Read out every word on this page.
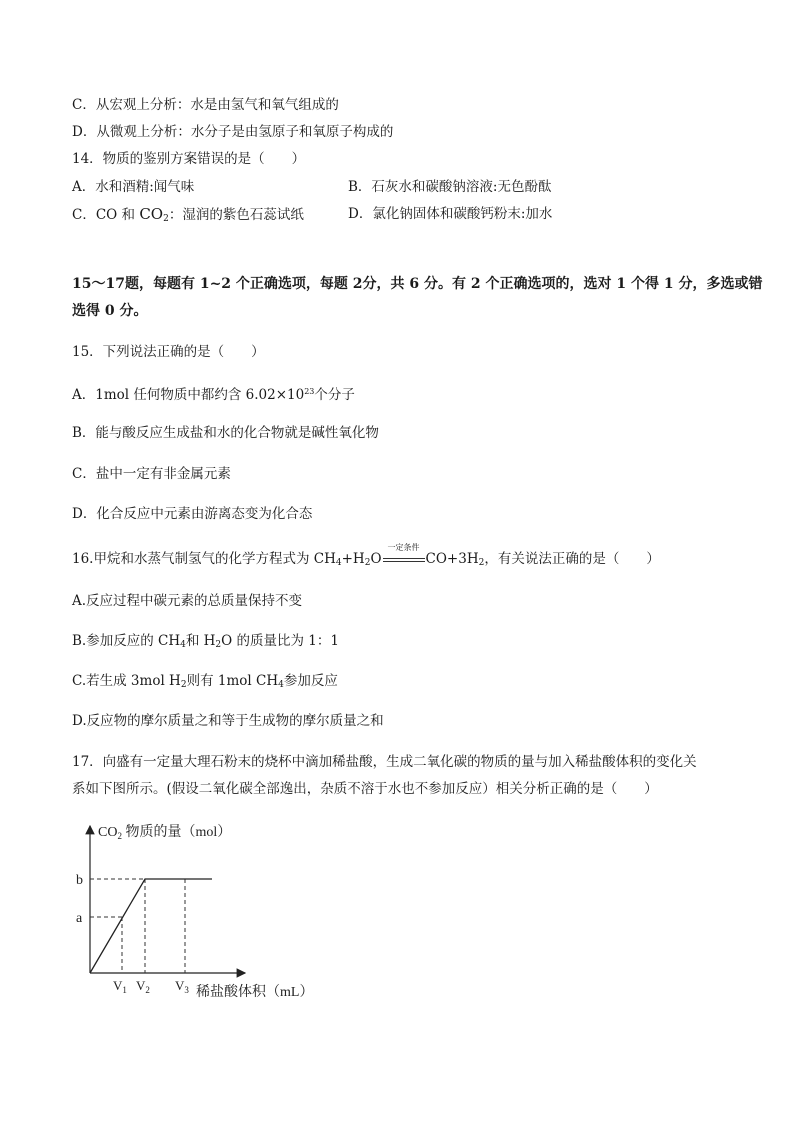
C．从宏观上分析：水是由氢气和氧气组成的
D．从微观上分析：水分子是由氢原子和氧原子构成的
14．物质的鉴别方案错误的是（　　）
A．水和酒精:闻气味	B．石灰水和碳酸钠溶液:无色酚酞
C．CO 和 $CO_2$：湿润的紫色石蕊试纸	D．氯化钠固体和碳酸钙粉末:加水
15～17题，每题有 1~2 个正确选项，每题 2分，共 6 分。有 2 个正确选项的，选对 1 个得 1 分，多选或错
选得 0 分。
15．下列说法正确的是（　　）
A．1mol 任何物质中都约含 $6.02\times 10^{23}$个分子
B．能与酸反应生成盐和水的化合物就是碱性氧化物
C．盐中一定有非金属元素
D．化合反应中元素由游离态变为化合态
16.甲烷和水蒸气制氢气的化学方程式为 $CH_4+H_2O$
一定条件
$CO+3H_2$，有关说法正确的是（　　）
A.反应过程中碳元素的总质量保持不变
B.参加反应的 $CH_4$和 $H_2O$ 的质量比为 1：1
C.若生成 3mol $H_2$则有 1mol $CH_4$参加反应
D.反应物的摩尔质量之和等于生成物的摩尔质量之和
17．向盛有一定量大理石粉末的烧杯中滴加稀盐酸，生成二氧化碳的物质的量与加入稀盐酸体积的变化关
系如下图所示。(假设二氧化碳全部逸出，杂质不溶于水也不参加反应）相关分析正确的是（　　）
$CO_2$ 物质的量（mol）
a
b
$V_1$ $V_2$ $V_3$ 稀盐酸体积（mL）
